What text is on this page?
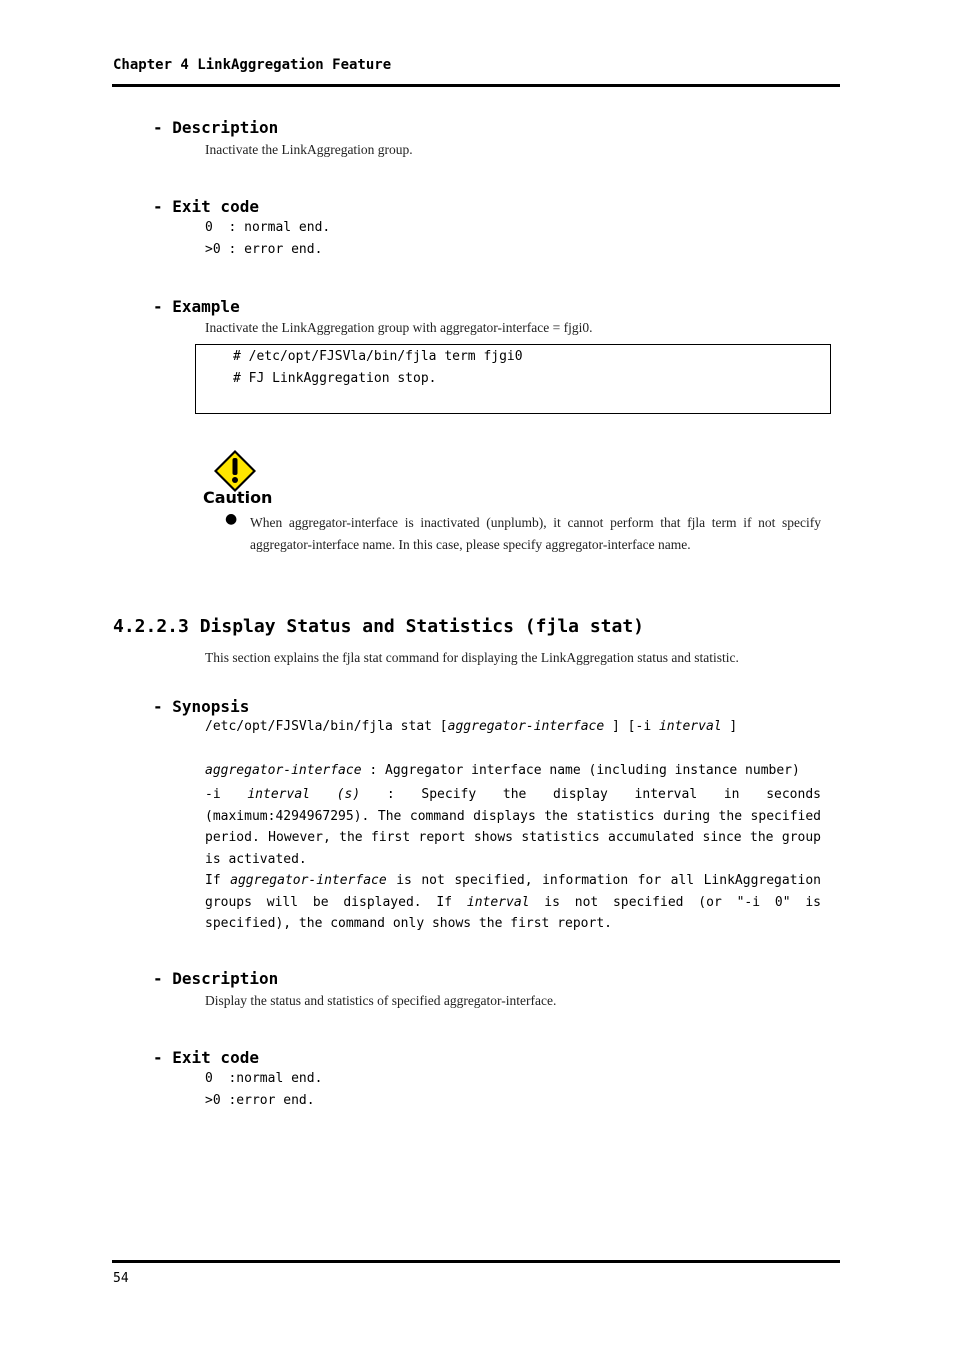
Chapter 4 LinkAggregation Feature
- Description
Inactivate the LinkAggregation group.
- Exit code
0  : normal end.
>0 : error end.
- Example
Inactivate the LinkAggregation group with aggregator-interface = fjgi0.
# /etc/opt/FJSVla/bin/fjla term fjgi0
# FJ LinkAggregation stop.
Caution
● When aggregator-interface is inactivated (unplumb), it cannot perform that fjla term if not specify aggregator-interface name. In this case, please specify aggregator-interface name.
4.2.2.3 Display Status and Statistics (fjla stat)
This section explains the fjla stat command for displaying the LinkAggregation status and statistic.
- Synopsis
/etc/opt/FJSVla/bin/fjla stat [aggregator-interface ] [-i interval ]
aggregator-interface : Aggregator interface name (including instance number)
-i interval (s) : Specify the display interval in seconds (maximum:4294967295). The command displays the statistics during the specified period. However, the first report shows statistics accumulated since the group is activated.
If aggregator-interface is not specified, information for all LinkAggregation groups will be displayed. If interval is not specified (or "-i 0" is specified), the command only shows the first report.
- Description
Display the status and statistics of specified aggregator-interface.
- Exit code
0  :normal end.
>0 :error end.
54
